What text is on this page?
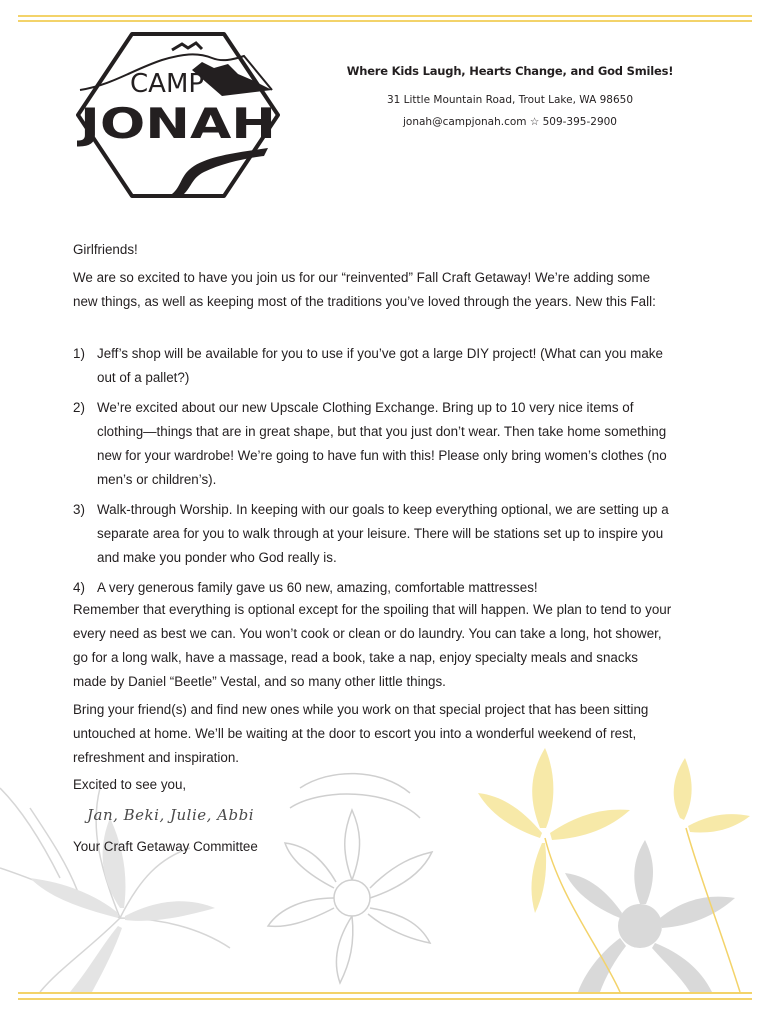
CAMP
JONAH
Where Kids Laugh, Hearts Change, and God Smiles!
31 Little Mountain Road, Trout Lake, WA 98650
jonah@campjonah.com ☆ 509-395-2900
Girlfriends!
We are so excited to have you join us for our “reinvented” Fall Craft Getaway! We’re adding some new things, as well as keeping most of the traditions you’ve loved through the years. New this Fall:
1) Jeff’s shop will be available for you to use if you’ve got a large DIY project! (What can you make out of a pallet?)
2) We’re excited about our new Upscale Clothing Exchange. Bring up to 10 very nice items of clothing—things that are in great shape, but that you just don’t wear. Then take home something new for your wardrobe! We’re going to have fun with this! Please only bring women’s clothes (no men’s or children’s).
3) Walk-through Worship. In keeping with our goals to keep everything optional, we are setting up a separate area for you to walk through at your leisure. There will be stations set up to inspire you and make you ponder who God really is.
4) A very generous family gave us 60 new, amazing, comfortable mattresses!
Remember that everything is optional except for the spoiling that will happen. We plan to tend to your every need as best we can. You won’t cook or clean or do laundry. You can take a long, hot shower, go for a long walk, have a massage, read a book, take a nap, enjoy specialty meals and snacks made by Daniel “Beetle” Vestal, and so many other little things.
Bring your friend(s) and find new ones while you work on that special project that has been sitting untouched at home. We’ll be waiting at the door to escort you into a wonderful weekend of rest, refreshment and inspiration.
Excited to see you,
Jan, Beki, Julie, Abbi
Your Craft Getaway Committee
